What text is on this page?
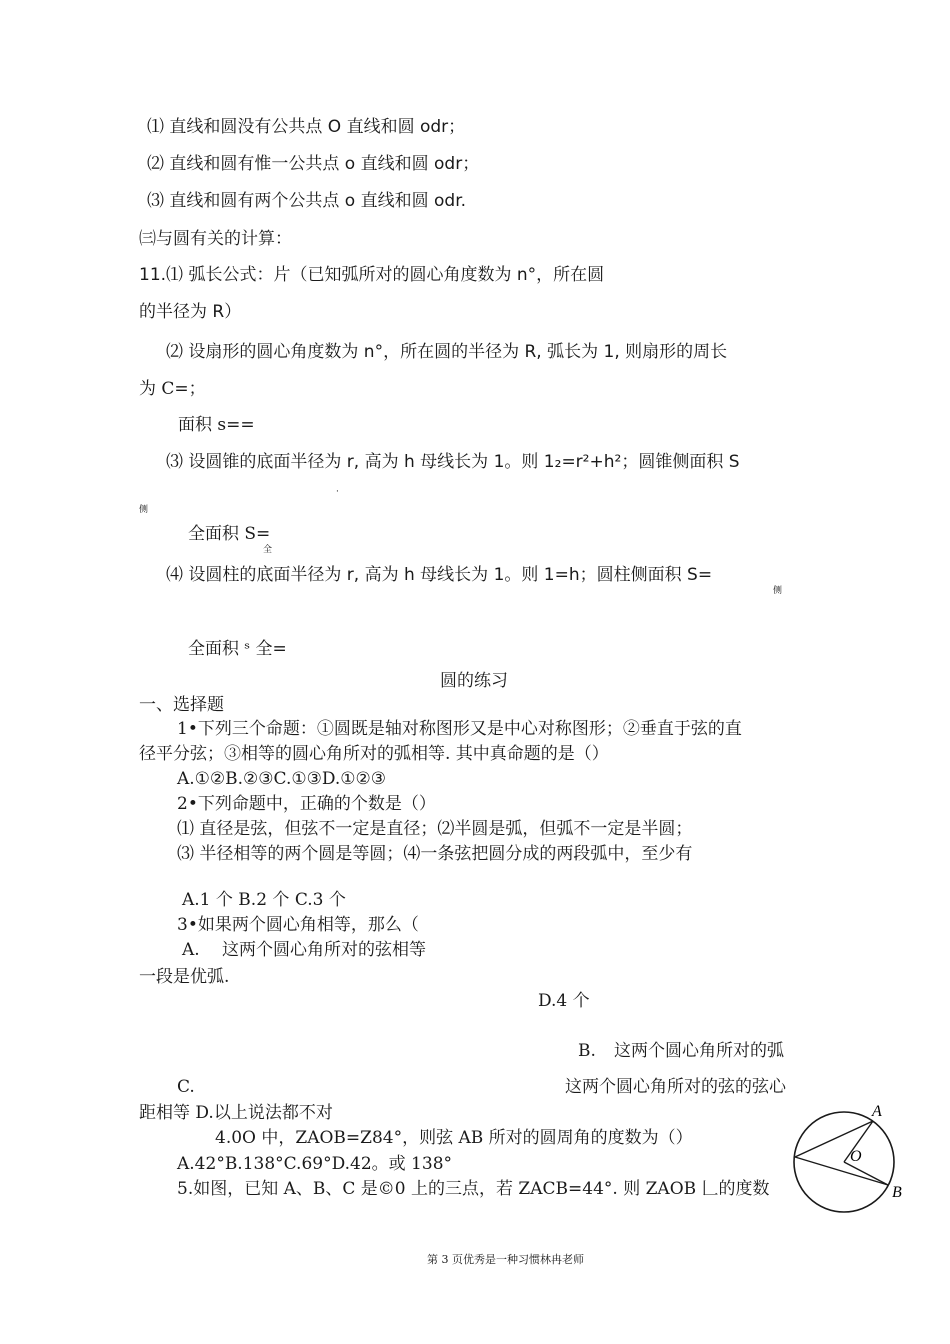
⑴ 直线和圆没有公共点 O 直线和圆 odr；
⑵ 直线和圆有惟一公共点 o 直线和圆 odr；
⑶ 直线和圆有两个公共点 o 直线和圆 odr.
㈢与圆有关的计算：
11.⑴ 弧长公式：片（已知弧所对的圆心角度数为 n°，所在圆
的半径为 R）
⑵ 设扇形的圆心角度数为 n°，所在圆的半径为 R, 弧长为 1, 则扇形的周长
为 C=；
面积 s==
⑶ 设圆锥的底面半径为 r, 高为 h 母线长为 1。则 1₂=r²+h²；圆锥侧面积 S
·
侧
全面积 S=
全
⑷ 设圆柱的底面半径为 r, 高为 h 母线长为 1。则 1=h；圆柱侧面积 S=
侧
全面积 ˢ 全=
圆的练习
一、选择题
1•下列三个命题：①圆既是轴对称图形又是中心对称图形；②垂直于弦的直
径平分弦；③相等的圆心角所对的弧相等. 其中真命题的是（）
A.①②B.②③C.①③D.①②③
2•下列命题中，正确的个数是（）
⑴ 直径是弦，但弦不一定是直径；⑵半圆是弧，但弧不一定是半圆；
⑶ 半径相等的两个圆是等圆；⑷一条弦把圆分成的两段弧中，至少有
A.1 个 B.2 个 C.3 个
3•如果两个圆心角相等，那么（
A. 这两个圆心角所对的弦相等
一段是优弧.
D.4 个
B. 这两个圆心角所对的弧
C.	这两个圆心角所对的弦的弦心
距相等 D.以上说法都不对
4.0O 中，ZAOB=Z84°，则弦 AB 所对的圆周角的度数为（）
A.42°B.138°C.69°D.42。或 138°
5.如图，已知 A、B、C 是©0 上的三点，若 ZACB=44°. 则 ZAOB 𠃊的度数
A
O
B
第 3 页优秀是一种习惯林冉老师
